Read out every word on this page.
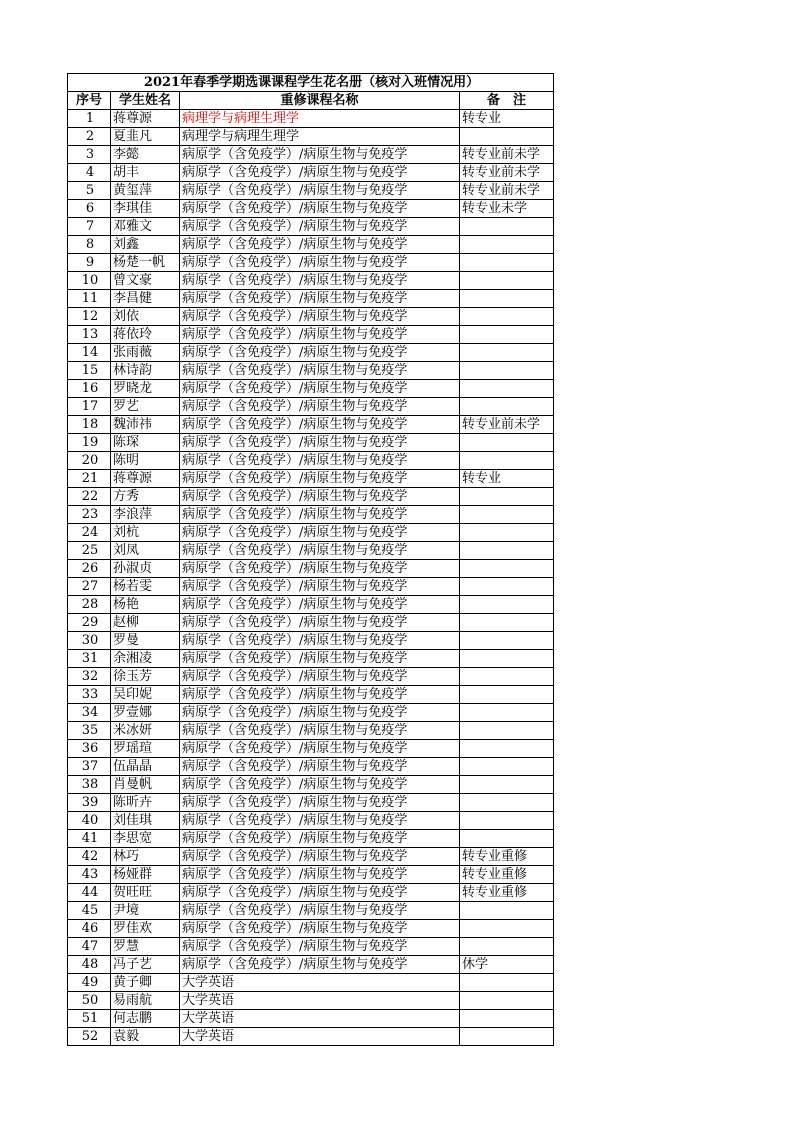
2021年春季学期选课课程学生花名册（核对入班情况用）			
序号	学生姓名	重修课程名称	备　注
1	蒋尊源	病理学与病理生理学	转专业
2	夏韭凡	病理学与病理生理学	
3	李懿	病原学（含免疫学）/病原生物与免疫学	转专业前未学
4	胡丰	病原学（含免疫学）/病原生物与免疫学	转专业前未学
5	黄玺萍	病原学（含免疫学）/病原生物与免疫学	转专业前未学
6	李琪佳	病原学（含免疫学）/病原生物与免疫学	转专业未学
7	邓雅文	病原学（含免疫学）/病原生物与免疫学	
8	刘鑫	病原学（含免疫学）/病原生物与免疫学	
9	杨楚一帆	病原学（含免疫学）/病原生物与免疫学	
10	曾文豪	病原学（含免疫学）/病原生物与免疫学	
11	李昌健	病原学（含免疫学）/病原生物与免疫学	
12	刘依	病原学（含免疫学）/病原生物与免疫学	
13	蒋依玲	病原学（含免疫学）/病原生物与免疫学	
14	张雨薇	病原学（含免疫学）/病原生物与免疫学	
15	林诗韵	病原学（含免疫学）/病原生物与免疫学	
16	罗晓龙	病原学（含免疫学）/病原生物与免疫学	
17	罗艺	病原学（含免疫学）/病原生物与免疫学	
18	魏沛祎	病原学（含免疫学）/病原生物与免疫学	转专业前未学
19	陈琛	病原学（含免疫学）/病原生物与免疫学	
20	陈明	病原学（含免疫学）/病原生物与免疫学	
21	蒋尊源	病原学（含免疫学）/病原生物与免疫学	转专业
22	方秀	病原学（含免疫学）/病原生物与免疫学	
23	李浪萍	病原学（含免疫学）/病原生物与免疫学	
24	刘杭	病原学（含免疫学）/病原生物与免疫学	
25	刘凤	病原学（含免疫学）/病原生物与免疫学	
26	孙淑贞	病原学（含免疫学）/病原生物与免疫学	
27	杨若雯	病原学（含免疫学）/病原生物与免疫学	
28	杨艳	病原学（含免疫学）/病原生物与免疫学	
29	赵柳	病原学（含免疫学）/病原生物与免疫学	
30	罗曼	病原学（含免疫学）/病原生物与免疫学	
31	余湘凌	病原学（含免疫学）/病原生物与免疫学	
32	徐玉芳	病原学（含免疫学）/病原生物与免疫学	
33	吴印妮	病原学（含免疫学）/病原生物与免疫学	
34	罗壹娜	病原学（含免疫学）/病原生物与免疫学	
35	米冰妍	病原学（含免疫学）/病原生物与免疫学	
36	罗瑶瑄	病原学（含免疫学）/病原生物与免疫学	
37	伍晶晶	病原学（含免疫学）/病原生物与免疫学	
38	肖曼帆	病原学（含免疫学）/病原生物与免疫学	
39	陈昕卉	病原学（含免疫学）/病原生物与免疫学	
40	刘佳琪	病原学（含免疫学）/病原生物与免疫学	
41	李思宽	病原学（含免疫学）/病原生物与免疫学	
42	林巧	病原学（含免疫学）/病原生物与免疫学	转专业重修
43	杨娅群	病原学（含免疫学）/病原生物与免疫学	转专业重修
44	贺旺旺	病原学（含免疫学）/病原生物与免疫学	转专业重修
45	尹境	病原学（含免疫学）/病原生物与免疫学	
46	罗佳欢	病原学（含免疫学）/病原生物与免疫学	
47	罗慧	病原学（含免疫学）/病原生物与免疫学	
48	冯子艺	病原学（含免疫学）/病原生物与免疫学	休学
49	黄子卿	大学英语	
50	易雨航	大学英语	
51	何志鹏	大学英语	
52	袁毅	大学英语	
